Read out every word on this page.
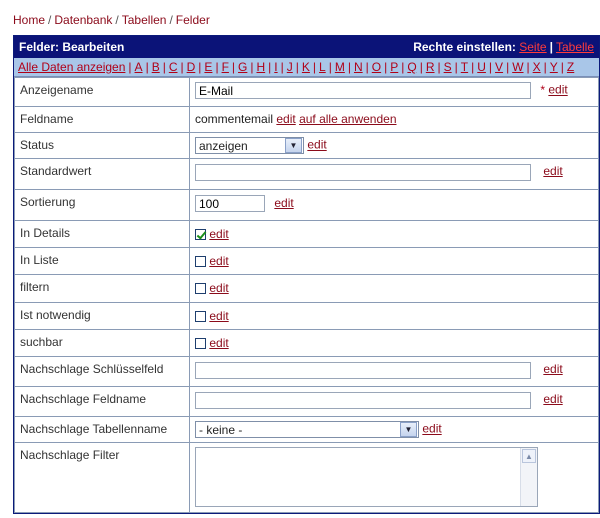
Home / Datenbank / Tabellen / Felder
Felder: Bearbeiten	Rechte einstellen:
Seite | Tabelle
Alle Daten anzeigen | A | B | C | D | E | F | G | H | I | J | K | L | M | N | O | P | Q | R | S | T | U | V | W | X | Y | Z
Anzeigename	E-Mail* edit
Feldname	commentemail edit auf alle anwenden
Status	anzeigen ▼ edit
Standardwert	edit
Sortierung	100edit
In Details	edit
In Liste	edit
filtern	edit
Ist notwendig	edit
suchbar	edit
Nachschlage Schlüsselfeld	edit
Nachschlage Feldname	edit
Nachschlage Tabellenname	- keine - ▼ edit
Nachschlage Filter	▲
